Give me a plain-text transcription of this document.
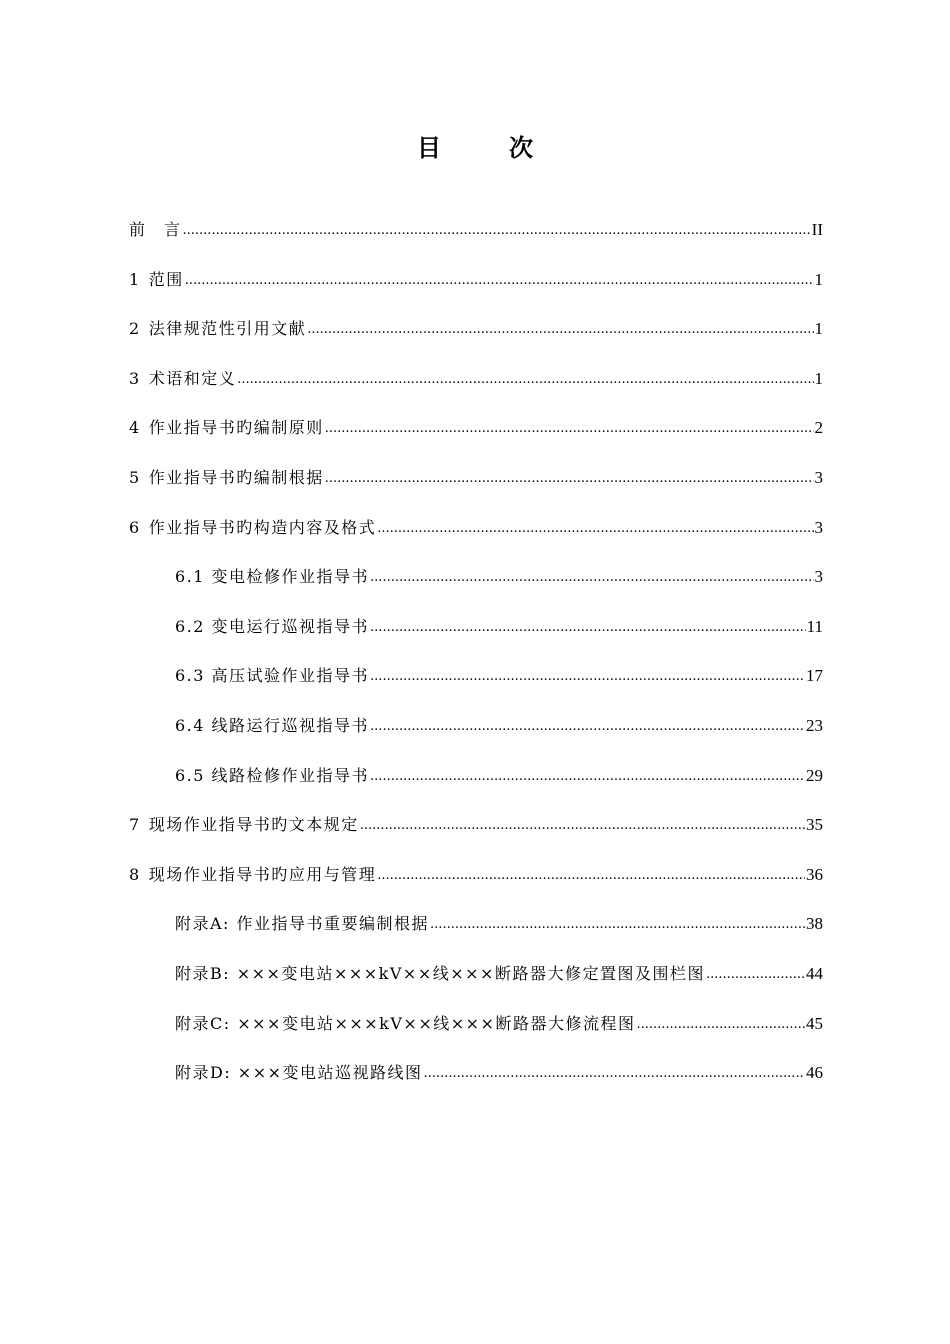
目　次
前　言 .....	II
1 范围 .....	1
2 法律规范性引用文献 .....	1
3 术语和定义 .....	1
4 作业指导书旳编制原则 .....	2
5 作业指导书旳编制根据 .....	3
6 作业指导书旳构造内容及格式 .....	3
6.1 变电检修作业指导书 .....	3
6.2 变电运行巡视指导书 .....	11
6.3 高压试验作业指导书 .....	17
6.4 线路运行巡视指导书 .....	23
6.5 线路检修作业指导书 .....	29
7 现场作业指导书旳文本规定 .....	35
8 现场作业指导书旳应用与管理 .....	36
附录A: 作业指导书重要编制根据 .....	38
附录B: ×××变电站×××kV××线×××断路器大修定置图及围栏图 .....	44
附录C: ×××变电站×××kV××线×××断路器大修流程图 .....	45
附录D: ×××变电站巡视路线图 .....	46
